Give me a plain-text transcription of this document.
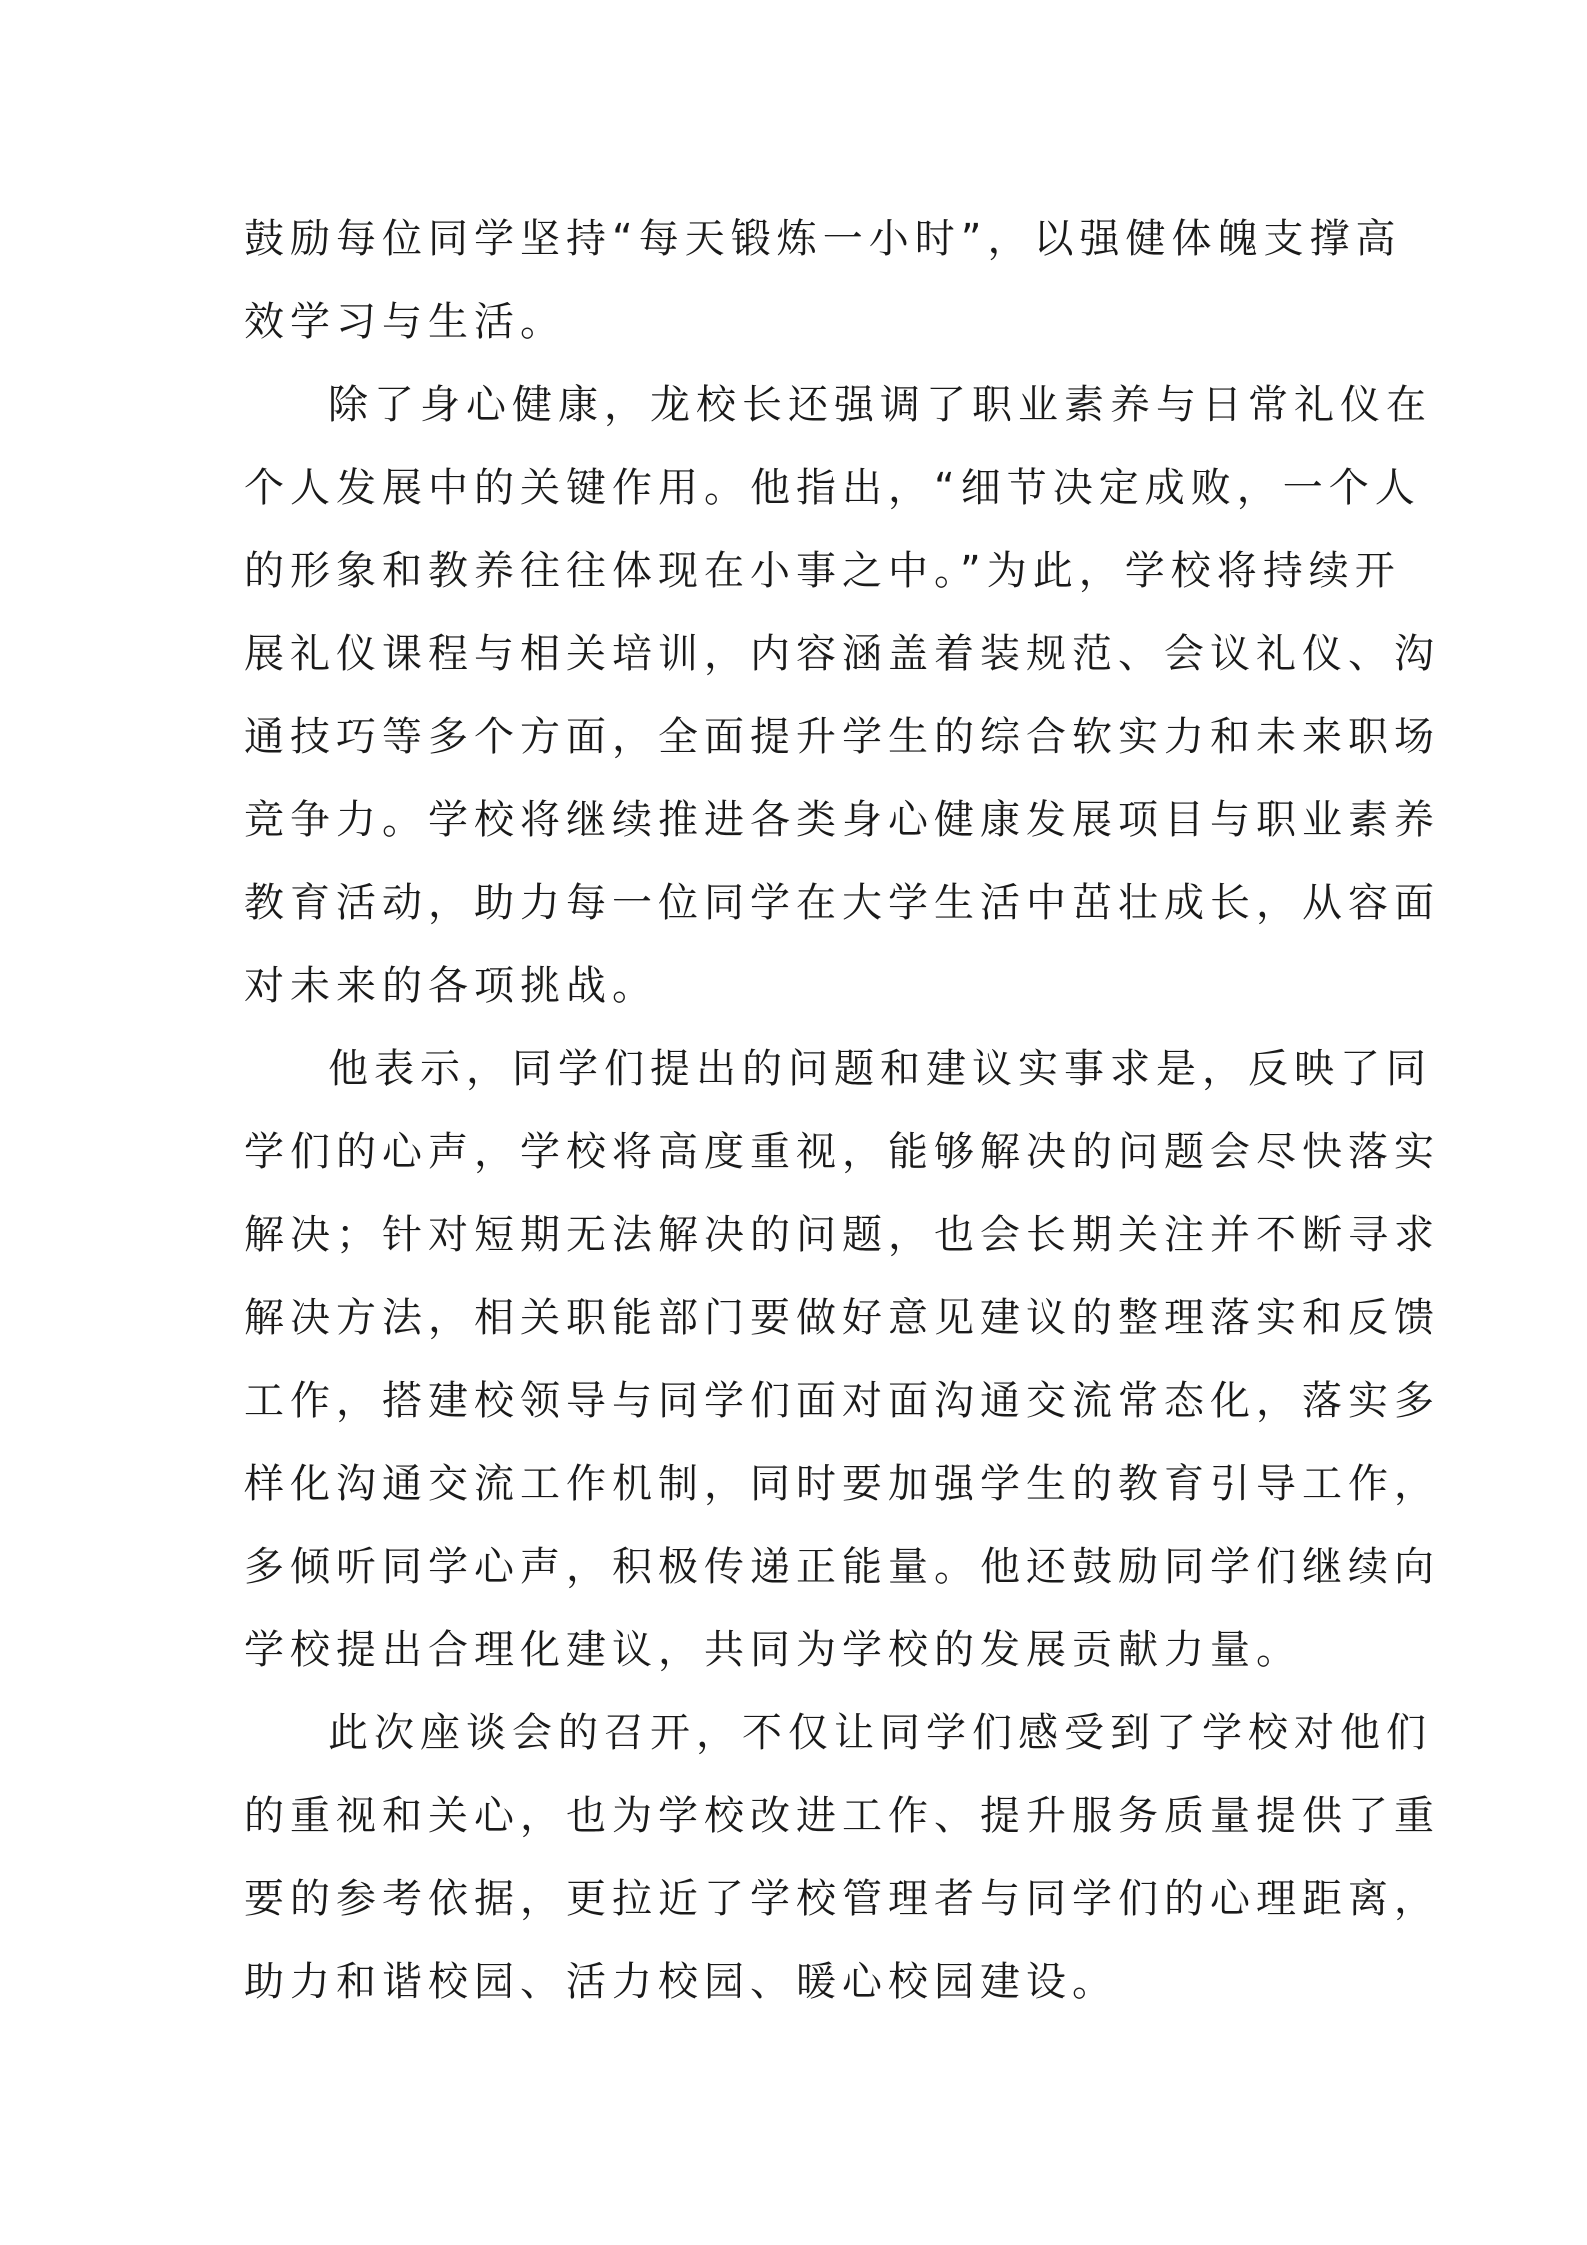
鼓励每位同学坚持“每天锻炼一小时”，以强健体魄支撑高
效学习与生活。
除了身心健康，龙校长还强调了职业素养与日常礼仪在
个人发展中的关键作用。他指出，“细节决定成败，一个人
的形象和教养往往体现在小事之中。”为此，学校将持续开
展礼仪课程与相关培训，内容涵盖着装规范、会议礼仪、沟
通技巧等多个方面，全面提升学生的综合软实力和未来职场
竞争力。学校将继续推进各类身心健康发展项目与职业素养
教育活动，助力每一位同学在大学生活中茁壮成长，从容面
对未来的各项挑战。
他表示，同学们提出的问题和建议实事求是，反映了同
学们的心声，学校将高度重视，能够解决的问题会尽快落实
解决；针对短期无法解决的问题，也会长期关注并不断寻求
解决方法，相关职能部门要做好意见建议的整理落实和反馈
工作，搭建校领导与同学们面对面沟通交流常态化，落实多
样化沟通交流工作机制，同时要加强学生的教育引导工作，
多倾听同学心声，积极传递正能量。他还鼓励同学们继续向
学校提出合理化建议，共同为学校的发展贡献力量。
此次座谈会的召开，不仅让同学们感受到了学校对他们
的重视和关心，也为学校改进工作、提升服务质量提供了重
要的参考依据，更拉近了学校管理者与同学们的心理距离，
助力和谐校园、活力校园、暖心校园建设。
